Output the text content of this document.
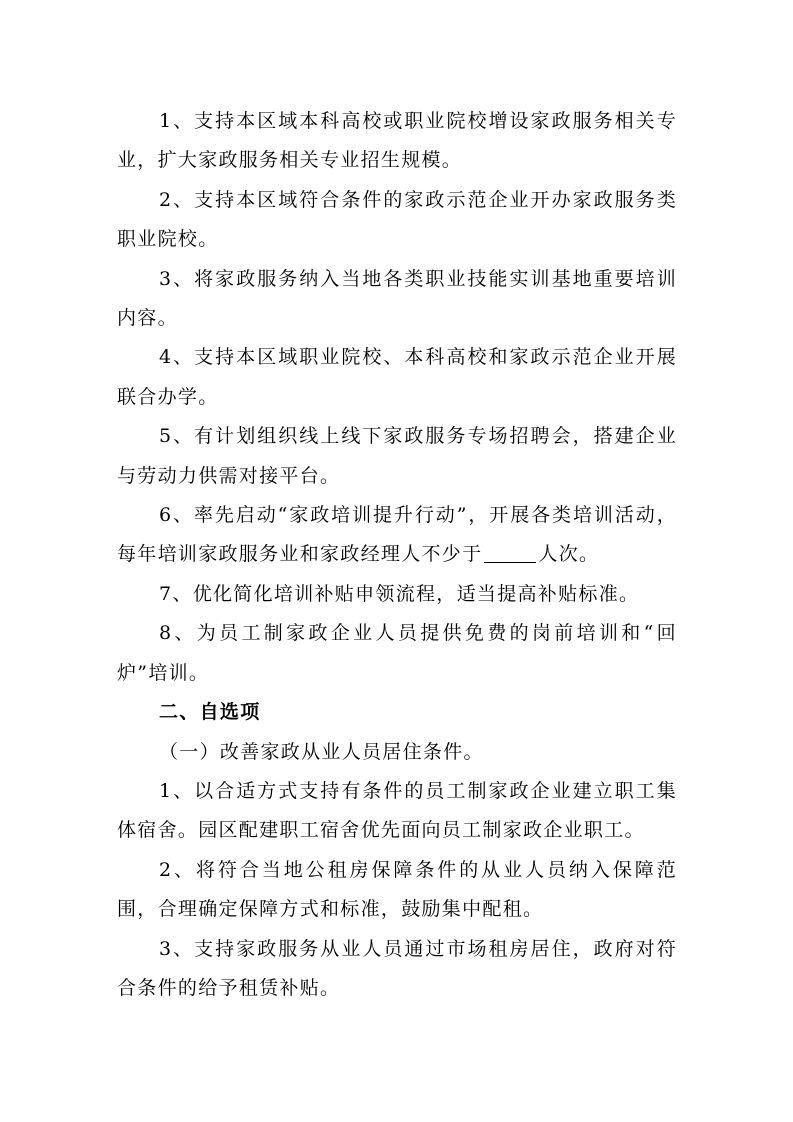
1、支持本区域本科高校或职业院校增设家政服务相关专业，扩大家政服务相关专业招生规模。

2、支持本区域符合条件的家政示范企业开办家政服务类职业院校。

3、将家政服务纳入当地各类职业技能实训基地重要培训内容。

4、支持本区域职业院校、本科高校和家政示范企业开展联合办学。

5、有计划组织线上线下家政服务专场招聘会，搭建企业与劳动力供需对接平台。

6、率先启动“家政培训提升行动”，开展各类培训活动，每年培训家政服务业和家政经理人不少于	人次。

7、优化简化培训补贴申领流程，适当提高补贴标准。

8、为员工制家政企业人员提供免费的岗前培训和“回炉”培训。

二、自选项

（一）改善家政从业人员居住条件。

1、以合适方式支持有条件的员工制家政企业建立职工集体宿舍。园区配建职工宿舍优先面向员工制家政企业职工。

2、将符合当地公租房保障条件的从业人员纳入保障范围，合理确定保障方式和标准，鼓励集中配租。

3、支持家政服务从业人员通过市场租房居住，政府对符合条件的给予租赁补贴。
